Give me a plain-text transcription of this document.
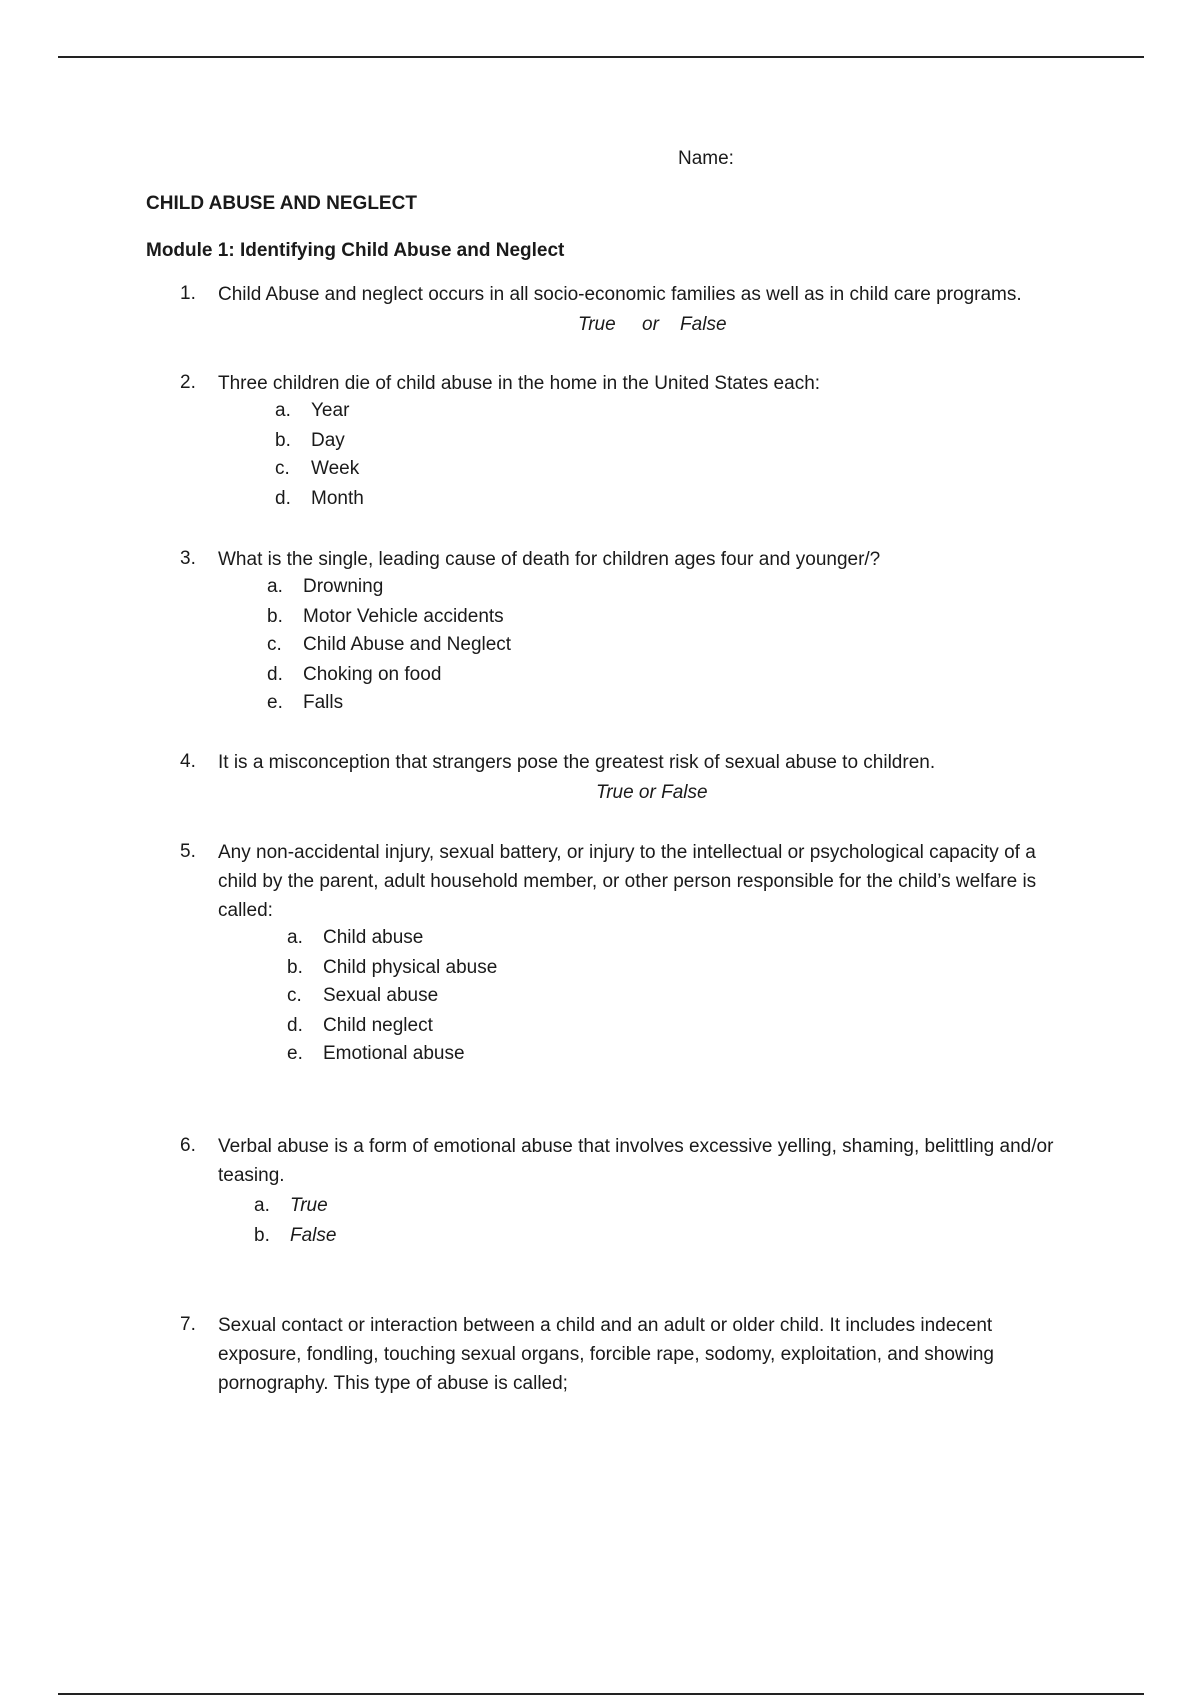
Name:
CHILD ABUSE AND NEGLECT
Module 1: Identifying Child Abuse and Neglect
1. Child Abuse and neglect occurs in all socio-economic families as well as in child care programs.
True     or    False
2. Three children die of child abuse in the home in the United States each:
a. Year
b. Day
c. Week
d. Month
3. What is the single, leading cause of death for children ages four and younger/?
a. Drowning
b. Motor Vehicle accidents
c. Child Abuse and Neglect
d. Choking on food
e. Falls
4. It is a misconception that strangers pose the greatest risk of sexual abuse to children.
True or False
5. Any non-accidental injury, sexual battery, or injury to the intellectual or psychological capacity of a child by the parent, adult household member, or other person responsible for the child’s welfare is called:
a. Child abuse
b. Child physical abuse
c. Sexual abuse
d. Child neglect
e. Emotional abuse
6. Verbal abuse is a form of emotional abuse that involves excessive yelling, shaming, belittling and/or teasing.
a. True
b. False
7. Sexual contact or interaction between a child and an adult or older child. It includes indecent exposure, fondling, touching sexual organs, forcible rape, sodomy, exploitation, and showing pornography. This type of abuse is called;
